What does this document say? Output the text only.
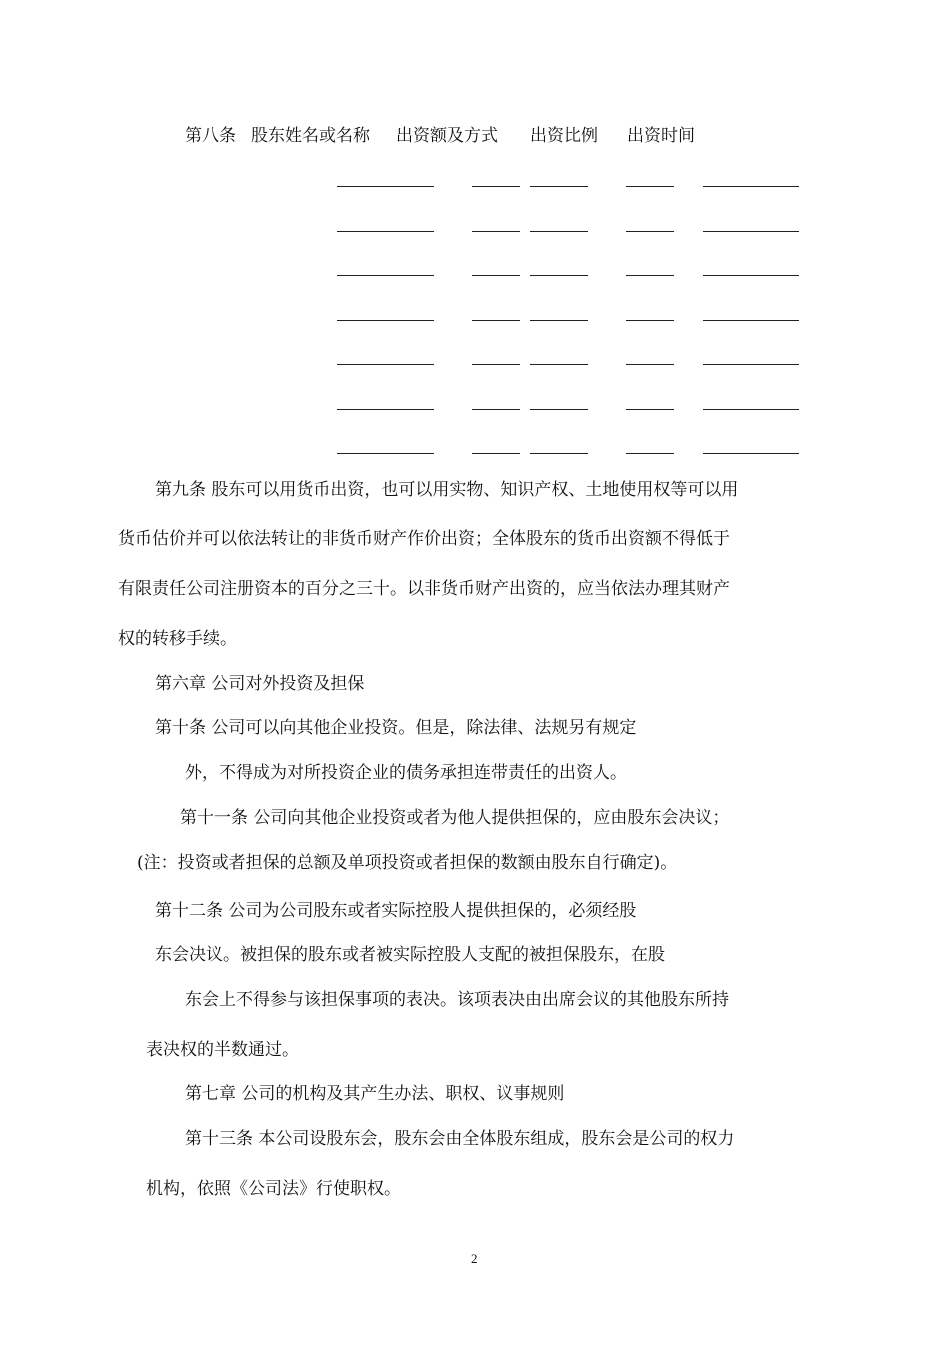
第八条 股东姓名或名称 出资额及方式 出资比例 出资时间
第九条 股东可以用货币出资，也可以用实物、知识产权、土地使用权等可以用
货币估价并可以依法转让的非货币财产作价出资；全体股东的货币出资额不得低于
有限责任公司注册资本的百分之三十。以非货币财产出资的，应当依法办理其财产
权的转移手续。
第六章 公司对外投资及担保
第十条 公司可以向其他企业投资。但是，除法律、法规另有规定
外，不得成为对所投资企业的债务承担连带责任的出资人。
第十一条 公司向其他企业投资或者为他人提供担保的，应由股东会决议；
(注：投资或者担保的总额及单项投资或者担保的数额由股东自行确定)。
第十二条 公司为公司股东或者实际控股人提供担保的，必须经股
东会决议。被担保的股东或者被实际控股人支配的被担保股东，在股
东会上不得参与该担保事项的表决。该项表决由出席会议的其他股东所持
表决权的半数通过。
第七章 公司的机构及其产生办法、职权、议事规则
第十三条 本公司设股东会，股东会由全体股东组成，股东会是公司的权力
机构，依照《公司法》行使职权。
2
